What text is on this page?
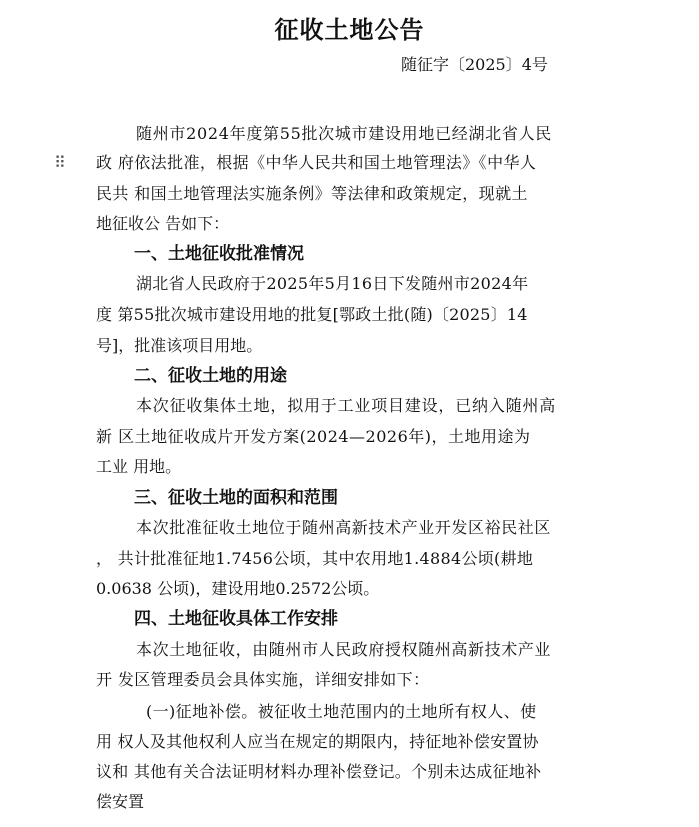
征收土地公告
随征字〔2025〕4号
⠿
随州市2024年度第55批次城市建设用地已经湖北省人民
政 府依法批准，根据《中华人民共和国土地管理法》《中华人
民共 和国土地管理法实施条例》等法律和政策规定，现就土
地征收公 告如下：
一、土地征收批准情况
湖北省人民政府于2025年5月16日下发随州市2024年
度 第55批次城市建设用地的批复[鄂政土批(随)〔2025〕14
号]，批准该项目用地。
二、征收土地的用途
本次征收集体土地，拟用于工业项目建设，已纳入随州高
新 区土地征收成片开发方案(2024—2026年)，土地用途为
工业 用地。
三、征收土地的面积和范围
本次批准征收土地位于随州高新技术产业开发区裕民社区
， 共计批准征地1.7456公顷，其中农用地1.4884公顷(耕地
0.0638 公顷)，建设用地0.2572公顷。
四、土地征收具体工作安排
本次土地征收，由随州市人民政府授权随州高新技术产业
开 发区管理委员会具体实施，详细安排如下：
(一)征地补偿。被征收土地范围内的土地所有权人、使
用 权人及其他权利人应当在规定的期限内，持征地补偿安置协
议和 其他有关合法证明材料办理补偿登记。个别未达成征地补
偿安置
